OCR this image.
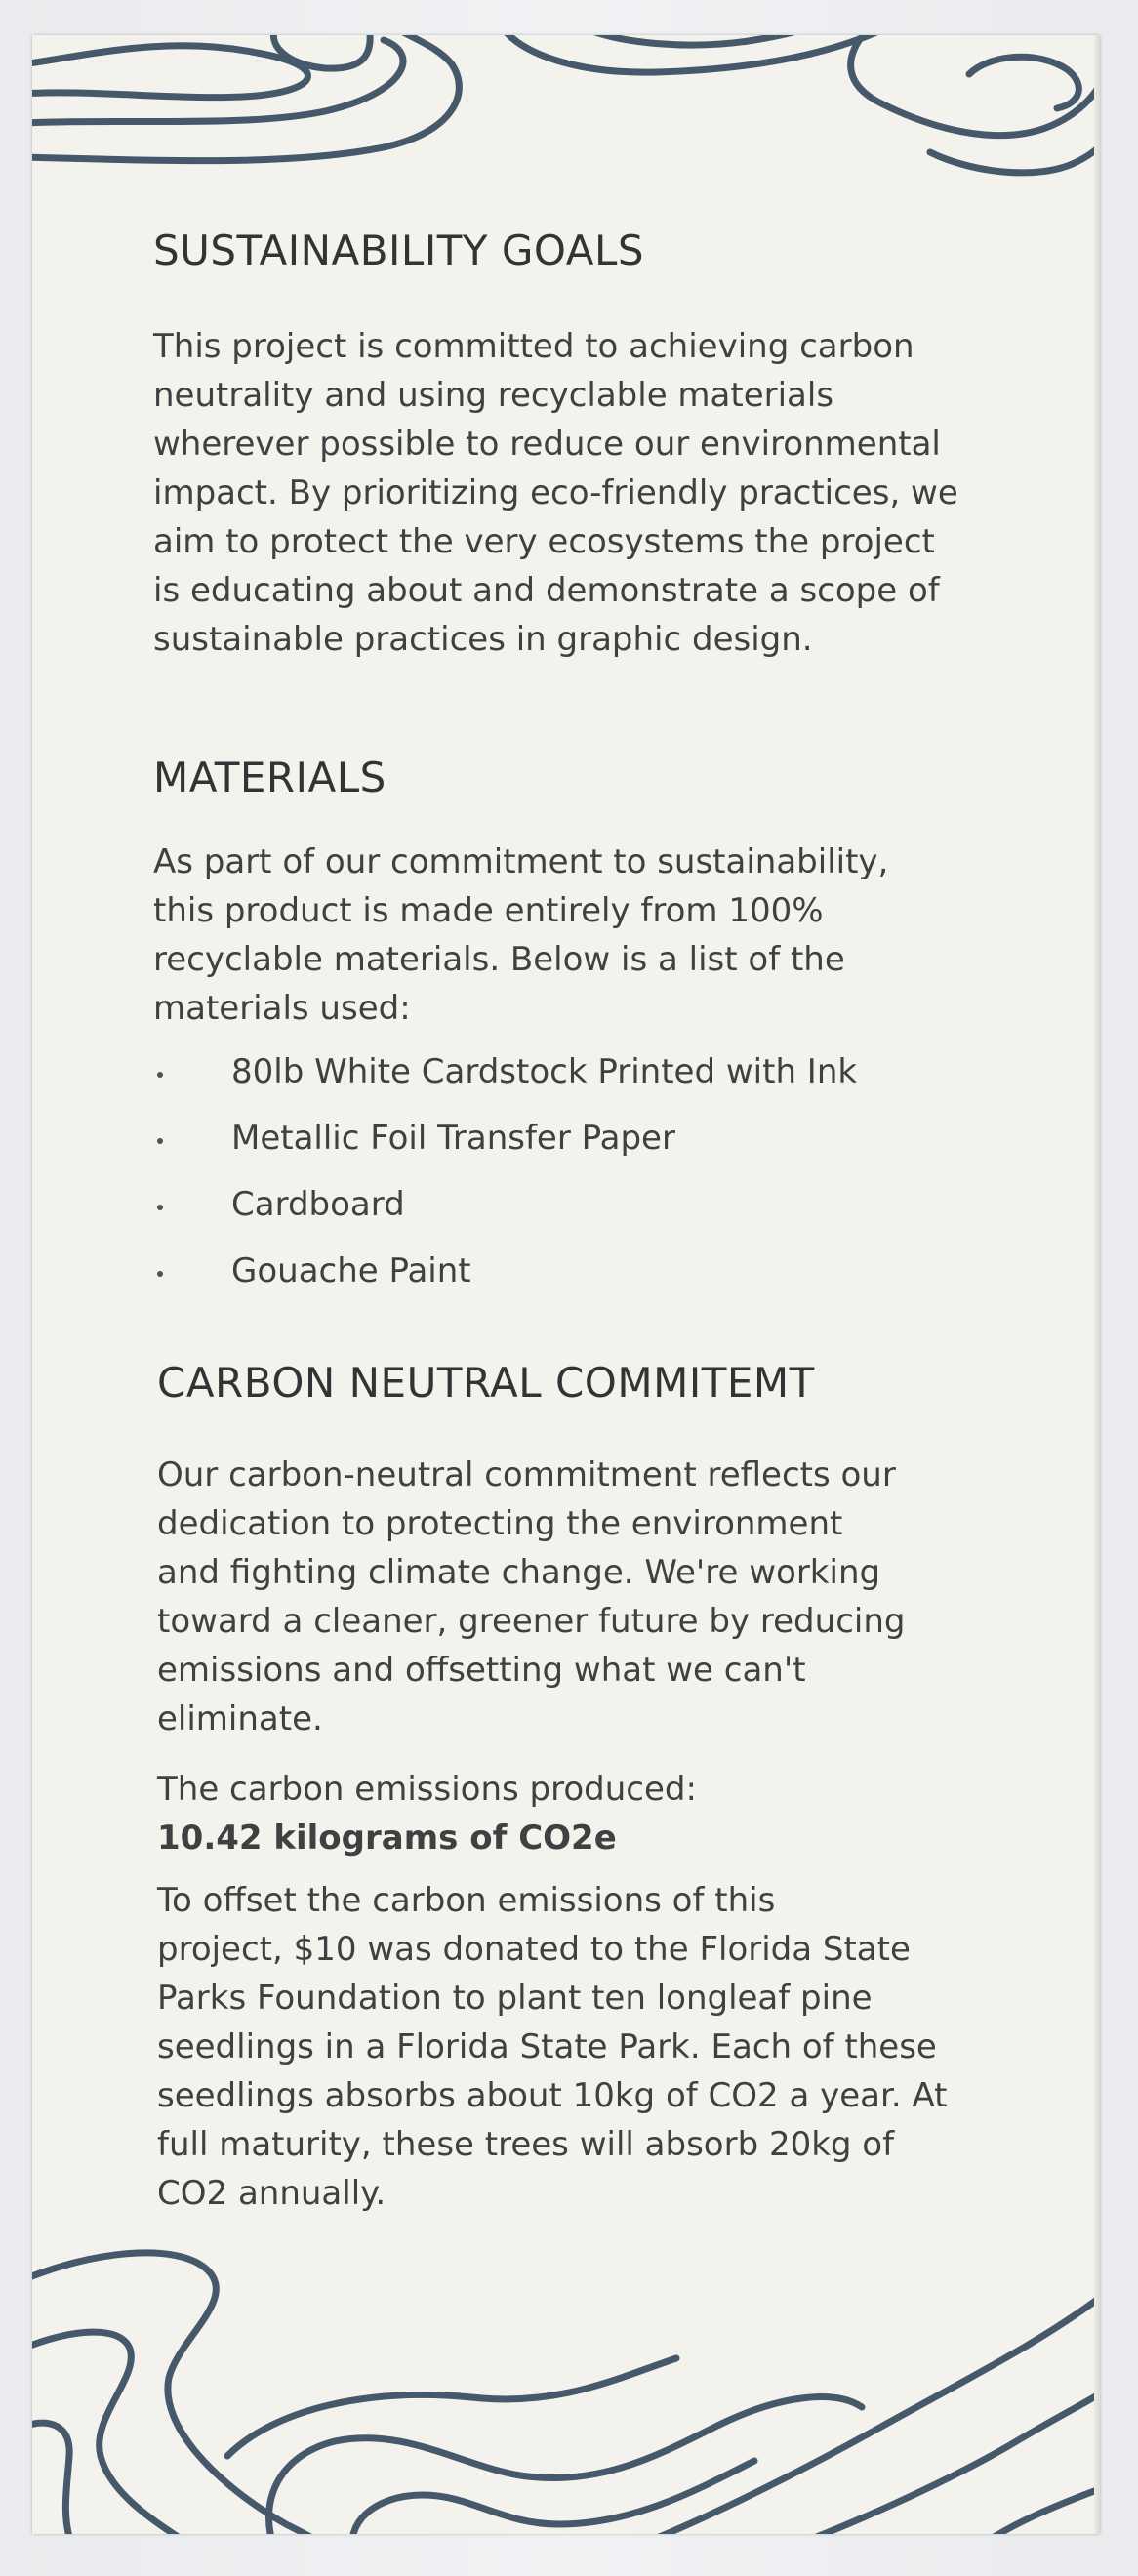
SUSTAINABILITY GOALS

This project is committed to achieving carbon
neutrality and using recyclable materials
wherever possible to reduce our environmental
impact. By prioritizing eco-friendly practices, we
aim to protect the very ecosystems the project
is educating about and demonstrate a scope of
sustainable practices in graphic design.

MATERIALS

As part of our commitment to sustainability,
this product is made entirely from 100%
recyclable materials. Below is a list of the
materials used:

80lb White Cardstock Printed with Ink
Metallic Foil Transfer Paper
Cardboard
Gouache Paint
CARBON NEUTRAL COMMITEMT

Our carbon-neutral commitment reflects our
dedication to protecting the environment
and fighting climate change. We're working
toward a cleaner, greener future by reducing
emissions and offsetting what we can't
eliminate.

The carbon emissions produced:

10.42 kilograms of CO2e

To offset the carbon emissions of this
project, $10 was donated to the Florida State
Parks Foundation to plant ten longleaf pine
seedlings in a Florida State Park. Each of these
seedlings absorbs about 10kg of CO2 a year. At
full maturity, these trees will absorb 20kg of
CO2 annually.
